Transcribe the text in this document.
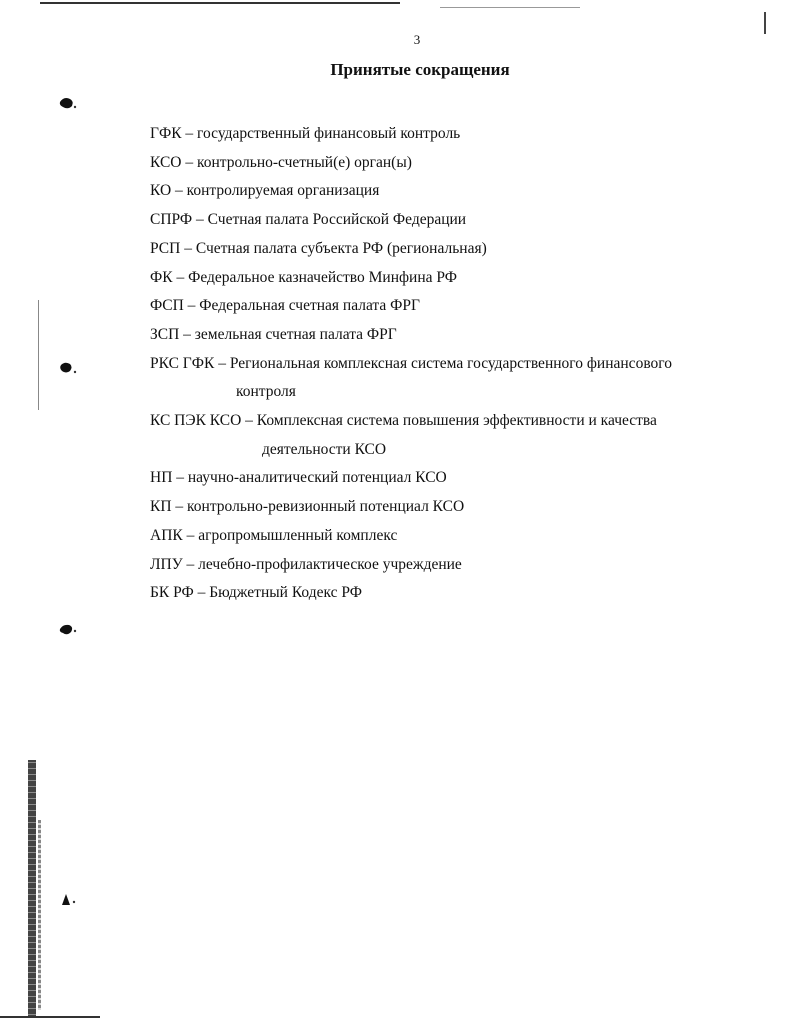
3
Принятые сокращения
ГФК – государственный финансовый контроль
КСО – контрольно-счетный(е) орган(ы)
КО – контролируемая организация
СПРФ – Счетная палата Российской Федерации
РСП – Счетная палата субъекта РФ (региональная)
ФК – Федеральное казначейство Минфина РФ
ФСП – Федеральная счетная палата ФРГ
ЗСП – земельная счетная палата ФРГ
РКС ГФК – Региональная комплексная система государственного финансового
контроля
КС ПЭК КСО – Комплексная система повышения эффективности и качества
деятельности КСО
НП – научно-аналитический потенциал КСО
КП – контрольно-ревизионный потенциал КСО
АПК – агропромышленный комплекс
ЛПУ – лечебно-профилактическое учреждение
БК РФ – Бюджетный Кодекс РФ
